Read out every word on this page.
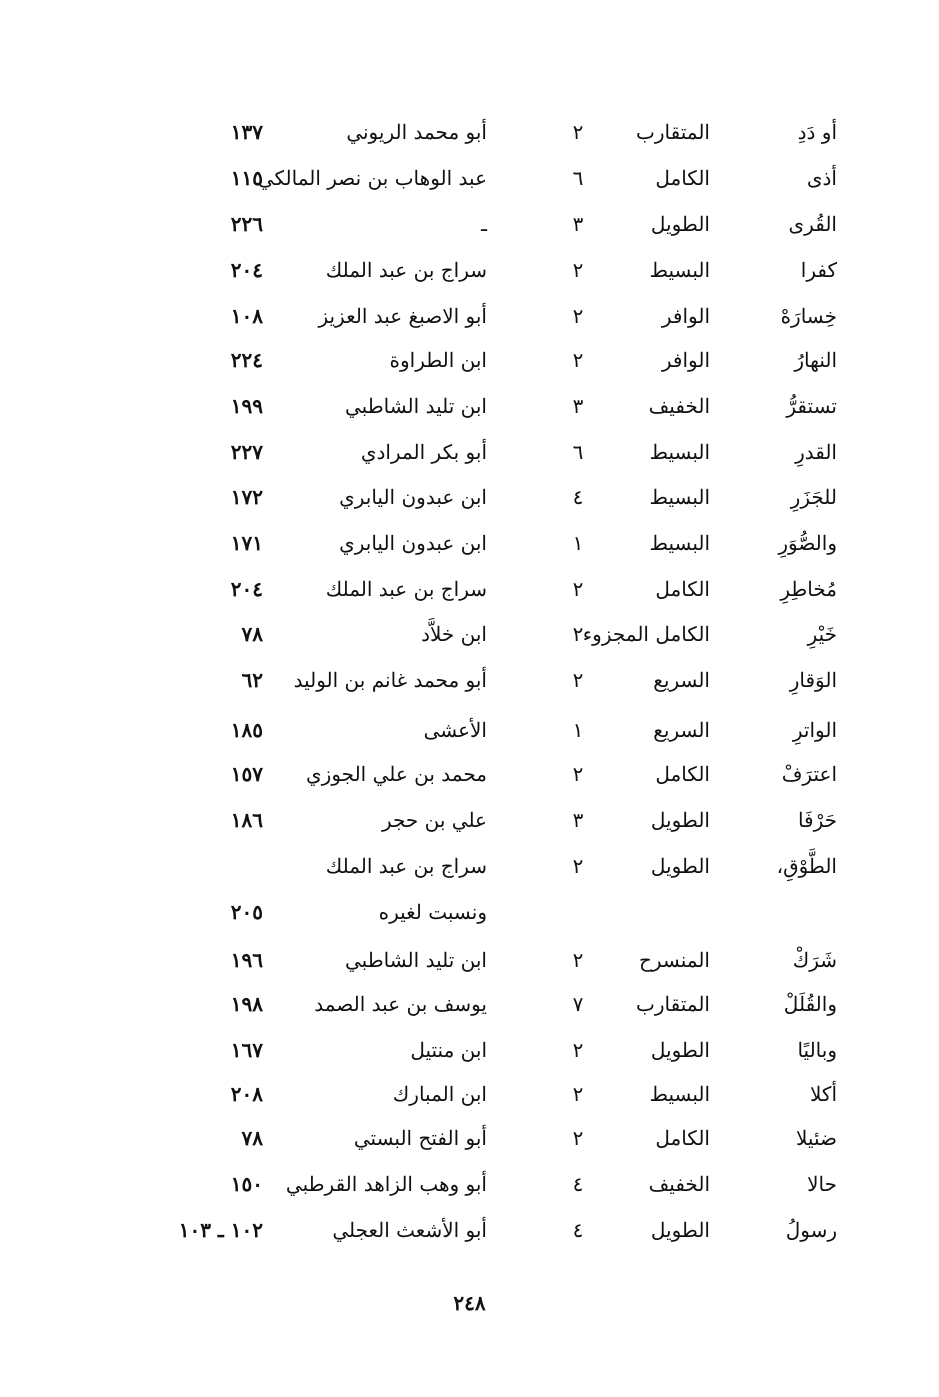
أو دَدِ
المتقارب
٢
أبو محمد الريوني
١٣٧
أذى
الكامل
٦
عبد الوهاب بن نصر المالكي
١١٥
القُرى
الطويل
٣
ـ
٢٢٦
كفرا
البسيط
٢
سراج بن عبد الملك
٢٠٤
خِسارَهْ
الوافر
٢
أبو الاصبغ عبد العزيز
١٠٨
النهارُ
الوافر
٢
ابن الطراوة
٢٢٤
تستقرُّ
الخفيف
٣
ابن تليد الشاطبي
١٩٩
القدرِ
البسيط
٦
أبو بكر المرادي
٢٢٧
للجَزَرِ
البسيط
٤
ابن عبدون اليابري
١٧٢
والصُّوَرِ
البسيط
١
ابن عبدون اليابري
١٧١
مُخاطِرِ
الكامل
٢
سراج بن عبد الملك
٢٠٤
خَيْرِ
الكامل المجزوء
٢
ابن خلاَّد
٧٨
الوَقارِ
السريع
٢
أبو محمد غانم بن الوليد
٦٢
الواترِ
السريع
١
الأعشى
١٨٥
اعترَفْ
الكامل
٢
محمد بن علي الجوزي
١٥٧
حَرْفَا
الطويل
٣
علي بن حجر
١٨٦
الطَّوْقِ،
الطويل
٢
سراج بن عبد الملك
ونسبت لغيره
٢٠٥
شَرَكْ
المنسرح
٢
ابن تليد الشاطبي
١٩٦
والقُلَلْ
المتقارب
٧
يوسف بن عبد الصمد
١٩٨
وباليًا
الطويل
٢
ابن منتيل
١٦٧
أكلا
البسيط
٢
ابن المبارك
٢٠٨
ضئيلا
الكامل
٢
أبو الفتح البستي
٧٨
حالا
الخفيف
٤
أبو وهب الزاهد القرطبي
١٥٠
رسولُ
الطويل
٤
أبو الأشعث العجلي
١٠٢ ـ ١٠٣
٢٤٨
